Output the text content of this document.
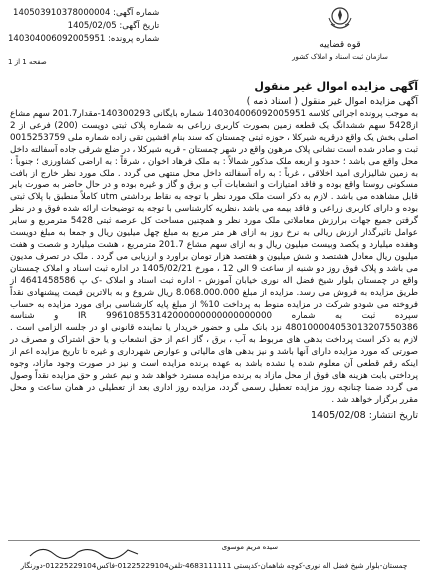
شماره آگهی: 140503910378000004
تاریخ آگهی: 1405/02/05
شماره پرونده: 140304006092005951
قوه قضاییه
سازمان ثبت اسناد و املاک کشور
صفحه 1 از 1
آگهی مزایده اموال غیر منقول
آگهی مزایده اموال غیر منقول ( اسناد ذمه )
به موجب پرونده اجرائی کلاسه 140304006092005951 شماره بایگانی 140300293-مقدار201.7 سهم مشاع از5428 سهم ششدانگ یک قطعه زمین بصورت کاربری زراعی به شماره پلاک ثبتی دویست (200) فرعی از 2 اصلی بخش یک واقع درقریه شیرکلا ، حوزه ثبتی چمستان که سند بنام افشین تقی زاده شماره ملی 0015253759 ثبت و صادر شده است نشانی پلاک مرهون واقع در شهر چمستان - قریه شیرکلا ، در ضلع شرقی جاده آسفالته داخل محل واقع می باشد ؛ حدود و اربعه ملک مذکور شمالاً : به ملک فرهاد اخوان ، شرقاً : به اراضی کشاورزی ؛ جنوباً : به زمین شالیزاری امید اخلاقی ، غرباً : به راه آسفالته داخل محل منتهی می گردد . ملک مورد نظر خارج از بافت مسکونی روستا واقع بوده و فاقد امتیازات و انشعابات آب و برق و گاز و غیره بوده و در حال حاضر به صورت بایر قابل مشاهده می باشد . لازم به ذکر است ملک مورد نظر با توجه به نقاط برداشتی utm کاملاً منطبق با پلاک ثبتی بوده و دارای کاربری زراعی و فاقد بیمه می باشد ،نظریه کارشناسی با توجه به توضیحات ارائه شده فوق و در نظر گرفتن جمیع جهات برارزش معاملاتی ملک مورد نظر و همچنین مساحت کل عرصه ثبتی 5428 مترمربع و سایر عوامل تاثیرگذار ارزش ریالی به نرخ روز به ازای هر متر مربع به مبلغ چهل میلیون ریال و جمعا به مبلغ دویست وهفده میلیارد و یکصد وبیست میلیون ریال و به ازای سهم مشاع 201.7 مترمربع ، هشت میلیارد و شصت و هفت میلیون ریال معادل هشتصد و شش میلیون و هفتصد هزار تومان براورد و ارزیابی می گردد . ملک در تصرف مدیون می باشد و پلاک فوق روز دو شنبه از ساعت 9 الی 12 ، مورخ 1405/02/21 در اداره ثبت اسناد و املاک چمستان واقع در چمستان بلوار شیخ فضل اله نوری خیابان آموزش - اداره ثبت اسناد و املاک -ک پ 4641458586 از طریق مزایده به فروش می رسد. مزایده از مبلغ 8.068.000.000 ریال شروع و به بالاترین قیمت پیشنهادی نقداً فروخته می شودو شرکت در مزایده منوط به پرداخت 10% از مبلغ پایه کارشناسی برای مورد مزایده به حساب سپرده ثبت به شماره IR 996108553142000000000000000000 و شناسه 480100004053013207550386 نزد بانک ملی و حضور خریدار یا نماینده قانونی او در جلسه الزامی است . لازم به ذکر است پرداخت بدهی های مربوط به آب ، برق ، گاز اعم از حق انشعاب و یا حق اشتراک و مصرف در صورتی که مورد مزایده دارای آنها باشد و نیز بدهی های مالیاتی و عوارض شهرداری و غیره تا تاریخ مزایده اعم از اینکه رقم قطعی آن معلوم شده یا نشده باشد به عهده برنده مزایده است و نیز در صورت وجود مازاد، وجوه پرداختی بابت هزینه های فوق از محل مازاد به برنده مزایده مسترد خواهد شد و نیم عشر و حق مزایده نقداً وصول می گردد ضمنا چنانچه روز مزایده تعطیل رسمی گردد، مزایده روز اداری بعد از تعطیلی در همان ساعت و محل مقرر برگزار خواهد شد .
تاریخ انتشار: 1405/02/08
سیده مریم موسوی
چمستان-بلوار شیخ فضل اله نوری-کوچه شاهمان-کدپستی 4683111111-تلفن01225229104-فاکس01225229104-دورنگار
